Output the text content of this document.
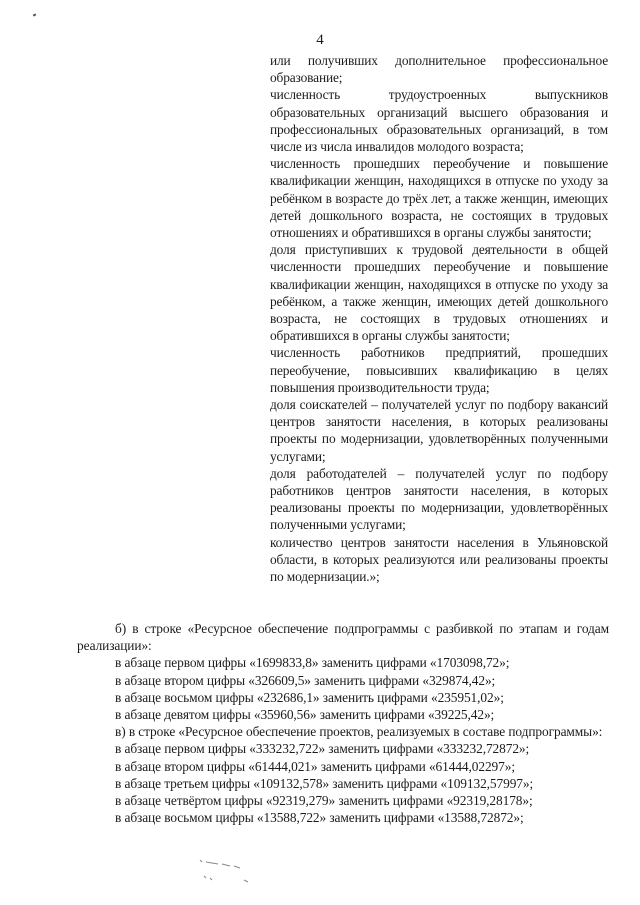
4

или получивших дополнительное профессиональное образование;

численность трудоустроенных выпускников образовательных организаций высшего образования и профессиональных образовательных организаций, в том числе из числа инвалидов молодого возраста;

численность прошедших переобучение и повышение квалификации женщин, находящихся в отпуске по уходу за ребёнком в возрасте до трёх лет, а также женщин, имеющих детей дошкольного возраста, не состоящих в трудовых отношениях и обратившихся в органы службы занятости;

доля приступивших к трудовой деятельности в общей численности прошедших переобучение и повышение квалификации женщин, находящихся в отпуске по уходу за ребёнком, а также женщин, имеющих детей дошкольного возраста, не состоящих в трудовых отношениях и обратившихся в органы службы занятости;

численность работников предприятий, прошедших переобучение, повысивших квалификацию в целях повышения производительности труда;

доля соискателей – получателей услуг по подбору вакансий центров занятости населения, в которых реализованы проекты по модернизации, удовлетворённых полученными услугами;

доля работодателей – получателей услуг по подбору работников центров занятости населения, в которых реализованы проекты по модернизации, удовлетворённых полученными услугами;

количество центров занятости населения в Ульяновской области, в которых реализуются или реализованы проекты по модернизации.»;

б) в строке «Ресурсное обеспечение подпрограммы с разбивкой по этапам и годам реализации»:

в абзаце первом цифры «1699833,8» заменить цифрами «1703098,72»;

в абзаце втором цифры «326609,5» заменить цифрами «329874,42»;

в абзаце восьмом цифры «232686,1» заменить цифрами «235951,02»;

в абзаце девятом цифры «35960,56» заменить цифрами «39225,42»;

в) в строке «Ресурсное обеспечение проектов, реализуемых в составе подпрограммы»:

в абзаце первом цифры «333232,722» заменить цифрами «333232,72872»;

в абзаце втором цифры «61444,021» заменить цифрами «61444,02297»;

в абзаце третьем цифры «109132,578» заменить цифрами «109132,57997»;

в абзаце четвёртом цифры «92319,279» заменить цифрами «92319,28178»;

в абзаце восьмом цифры «13588,722» заменить цифрами «13588,72872»;
